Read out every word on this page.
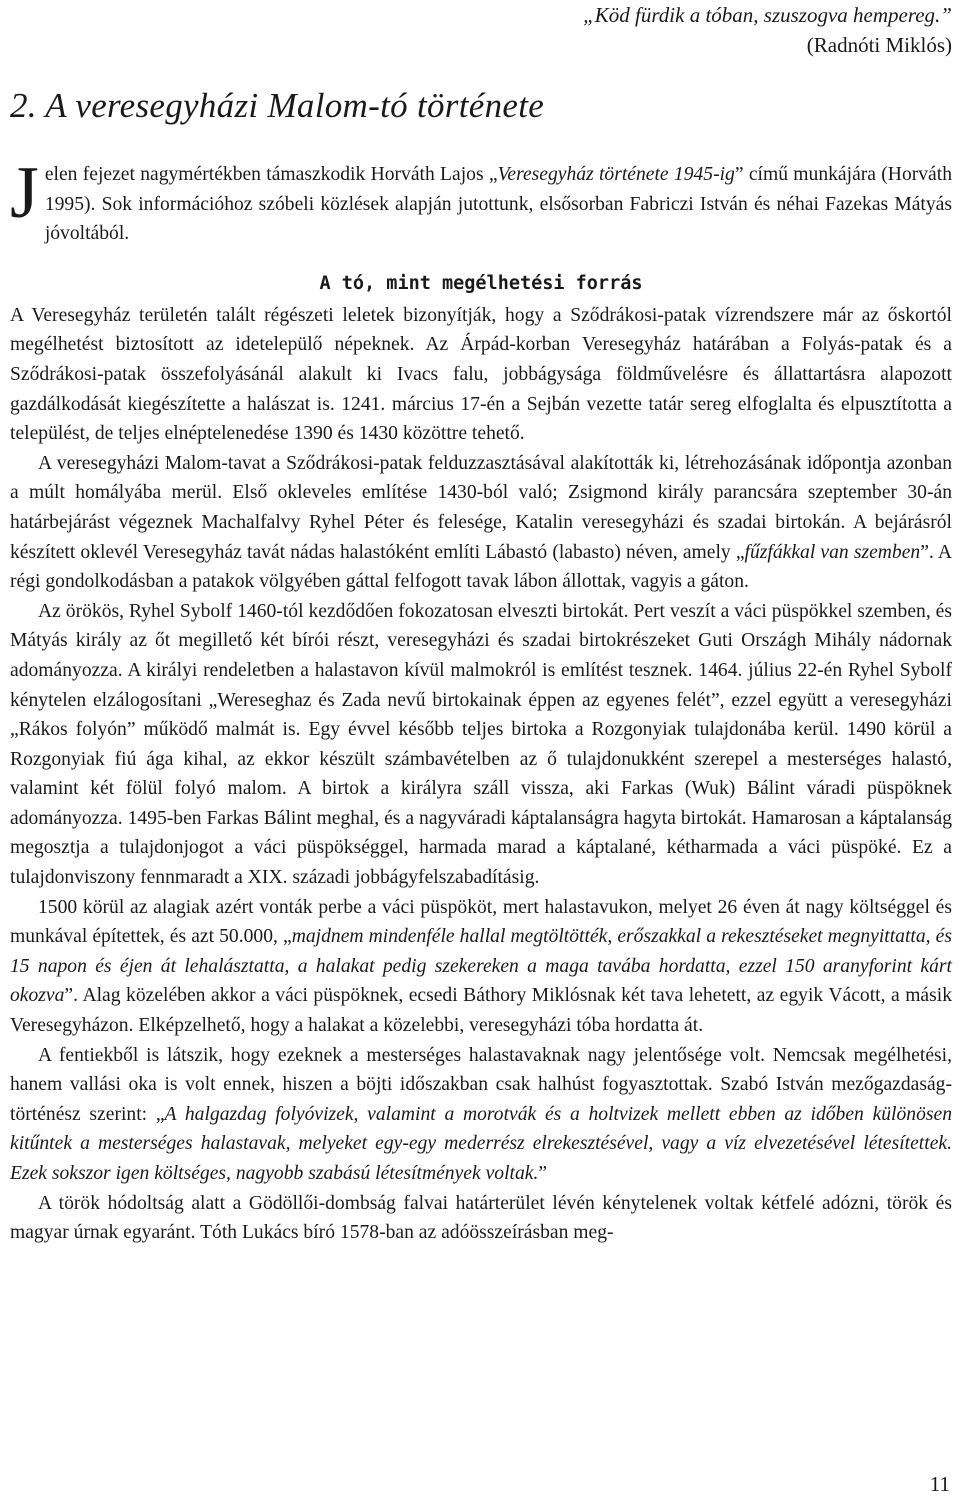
„Köd fürdik a tóban, szuszogva hempereg.”
(Radnóti Miklós)
2. A veresegyházi Malom-tó története

Jelen fejezet nagymértékben támaszkodik Horváth Lajos „Veresegyház története 1945-ig” című munkájára (Horváth 1995). Sok információhoz szóbeli közlések alapján jutottunk, elsősorban Fabriczi István és néhai Fazekas Mátyás jóvoltából.

A tó, mint megélhetési forrás

A Veresegyház területén talált régészeti leletek bizonyítják, hogy a Sződrákosi-patak vízrendszere már az őskortól megélhetést biztosított az idetelepülő népeknek. Az Árpád-korban Veresegyház határában a Folyás-patak és a Sződrákosi-patak összefolyásánál alakult ki Ivacs falu, jobbágysága földművelésre és állattartásra alapozott gazdálkodását kiegészítette a halászat is. 1241. március 17-én a Sejbán vezette tatár sereg elfoglalta és elpusztította a települést, de teljes elnéptelenedése 1390 és 1430 közöttre tehető.

A veresegyházi Malom-tavat a Sződrákosi-patak felduzzasztásával alakították ki, létrehozásának időpontja azonban a múlt homályába merül. Első okleveles említése 1430-ból való; Zsigmond király parancsára szeptember 30-án határbejárást végeznek Machalfalvy Ryhel Péter és felesége, Katalin veresegyházi és szadai birtokán. A bejárásról készített oklevél Veresegyház tavát nádas halastóként említi Lábastó (labasto) néven, amely „fűzfákkal van szemben”. A régi gondolkodásban a patakok völgyében gáttal felfogott tavak lábon állottak, vagyis a gáton.

Az örökös, Ryhel Sybolf 1460-tól kezdődően fokozatosan elveszti birtokát. Pert veszít a váci püspökkel szemben, és Mátyás király az őt megillető két bírói részt, veresegyházi és szadai birtokrészeket Guti Országh Mihály nádornak adományozza. A királyi rendeletben a halastavon kívül malmokról is említést tesznek. 1464. július 22-én Ryhel Sybolf kénytelen elzálogosítani „Wereseghaz és Zada nevű birtokainak éppen az egyenes felét”, ezzel együtt a veresegyházi „Rákos folyón” működő malmát is. Egy évvel később teljes birtoka a Rozgonyiak tulajdonába kerül. 1490 körül a Rozgonyiak fiú ága kihal, az ekkor készült számbavételben az ő tulajdonukként szerepel a mesterséges halastó, valamint két fölül folyó malom. A birtok a királyra száll vissza, aki Farkas (Wuk) Bálint váradi püspöknek adományozza. 1495-ben Farkas Bálint meghal, és a nagyváradi káptalanságra hagyta birtokát. Hamarosan a káptalanság megosztja a tulajdonjogot a váci püspökséggel, harmada marad a káptalané, kétharmada a váci püspöké. Ez a tulajdonviszony fennmaradt a XIX. századi jobbágyfelszabadításig.

1500 körül az alagiak azért vonták perbe a váci püspököt, mert halastavukon, melyet 26 éven át nagy költséggel és munkával építettek, és azt 50.000, „majdnem mindenféle hallal megtöltötték, erőszakkal a rekesztéseket megnyittatta, és 15 napon és éjen át lehalásztatta, a halakat pedig szekereken a maga tavába hordatta, ezzel 150 aranyforint kárt okozva”. Alag közelében akkor a váci püspöknek, ecsedi Báthory Miklósnak két tava lehetett, az egyik Vácott, a másik Veresegyházon. Elképzelhető, hogy a halakat a közelebbi, veresegyházi tóba hordatta át.

A fentiekből is látszik, hogy ezeknek a mesterséges halastavaknak nagy jelentősége volt. Nemcsak megélhetési, hanem vallási oka is volt ennek, hiszen a böjti időszakban csak halhúst fogyasztottak. Szabó István mezőgazdaság-történész szerint: „A halgazdag folyóvizek, valamint a morotvák és a holtvizek mellett ebben az időben különösen kitűntek a mesterséges halastavak, melyeket egy-egy mederrész elrekesztésével, vagy a víz elvezetésével létesítettek. Ezek sokszor igen költséges, nagyobb szabású létesítmények voltak.”

A török hódoltság alatt a Gödöllői-dombság falvai határterület lévén kénytelenek voltak kétfelé adózni, török és magyar úrnak egyaránt. Tóth Lukács bíró 1578-ban az adóösszeírásban meg-

11
